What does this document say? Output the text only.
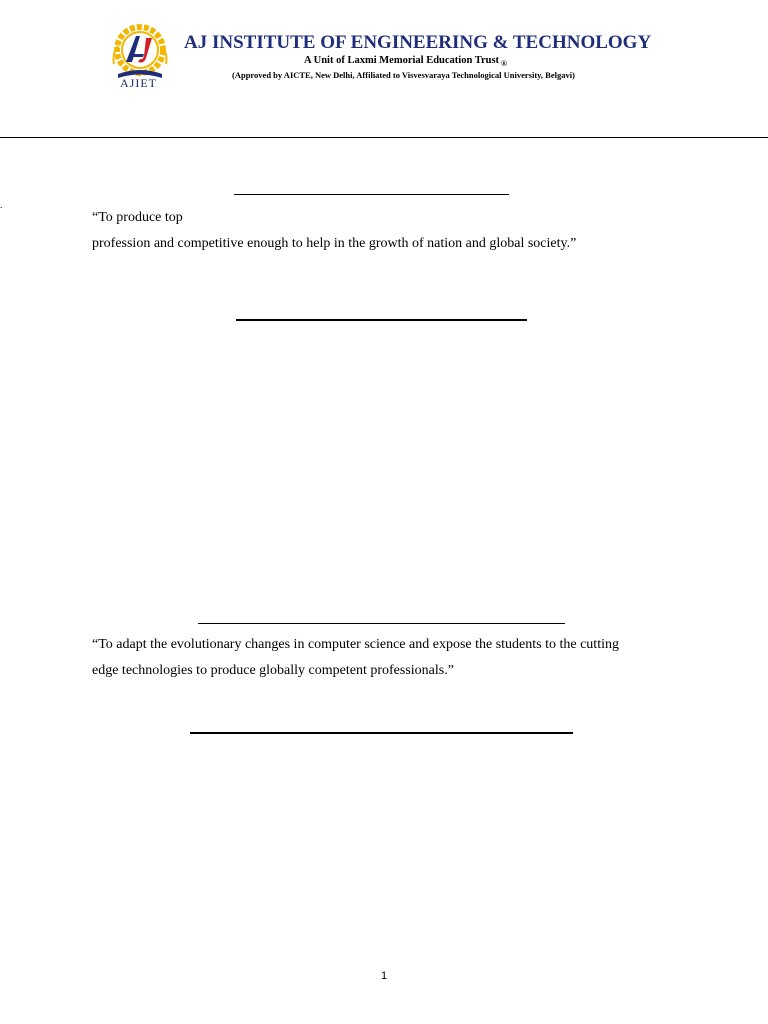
AJIET
AJ INSTITUTE OF ENGINEERING & TECHNOLOGY
A Unit of Laxmi Memorial Education Trust $_®$
(Approved by AICTE, New Delhi, Affiliated to Visvesvaraya Technological University, Belgavi)
.
“To produce top
profession and competitive enough to help in the growth of nation and global society.”
“To adapt the evolutionary changes in computer science and expose the students to the cutting
edge technologies to produce globally competent professionals.”
1
